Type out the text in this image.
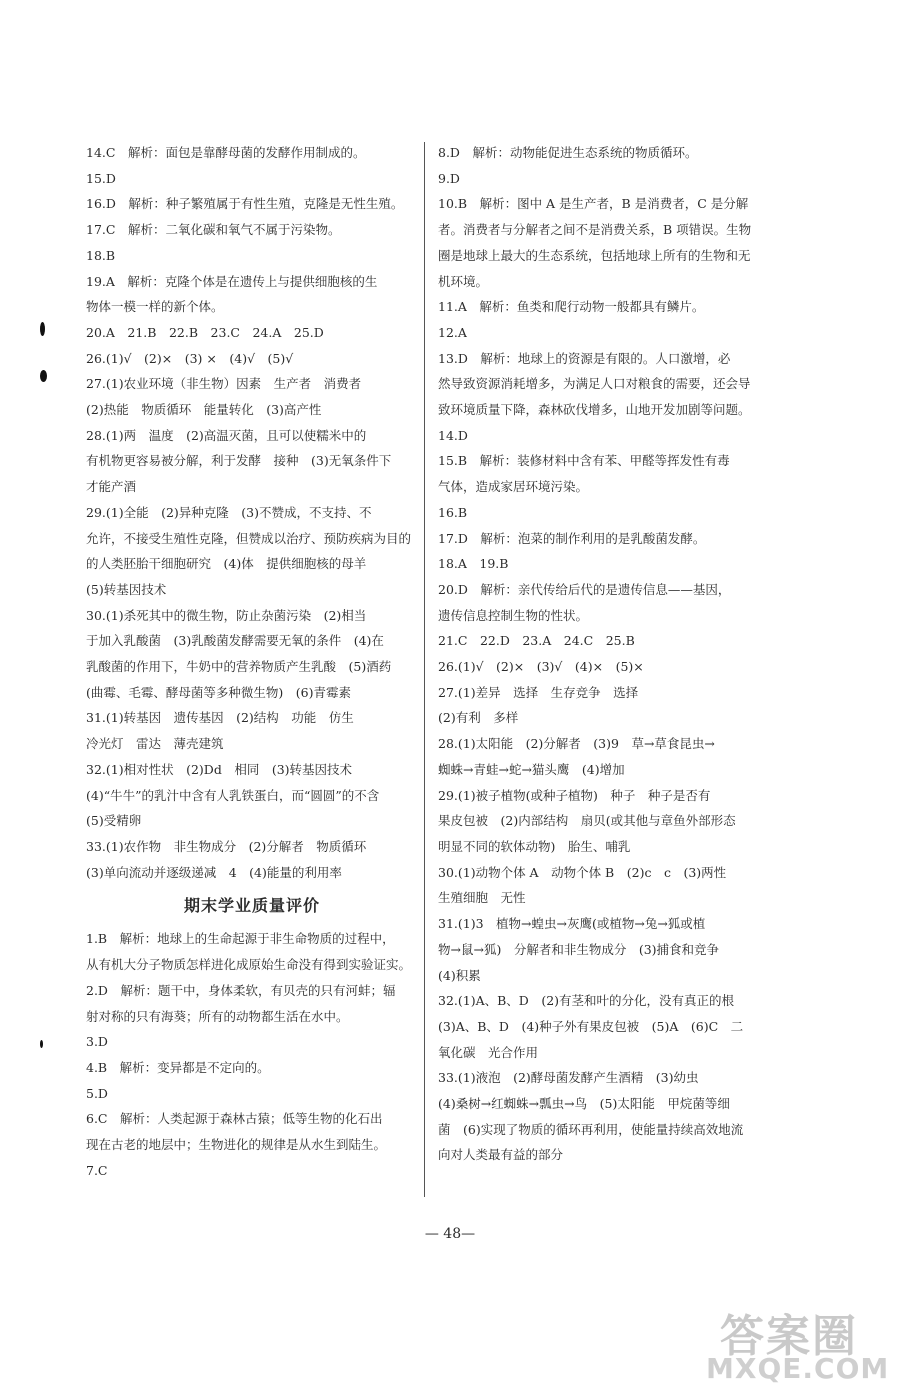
14.C　解析：面包是靠酵母菌的发酵作用制成的。
15.D
16.D　解析：种子繁殖属于有性生殖，克隆是无性生殖。
17.C　解析：二氧化碳和氧气不属于污染物。
18.B
19.A　解析：克隆个体是在遗传上与提供细胞核的生
物体一模一样的新个体。
20.A　21.B　22.B　23.C　24.A　25.D
26.(1)√　(2)×　(3) ×　(4)√　(5)√
27.(1)农业环境（非生物）因素　生产者　消费者
(2)热能　物质循环　能量转化　(3)高产性
28.(1)两　温度　(2)高温灭菌，且可以使糯米中的
有机物更容易被分解，利于发酵　接种　(3)无氧条件下
才能产酒
29.(1)全能　(2)异种克隆　(3)不赞成，不支持、不
允许，不接受生殖性克隆，但赞成以治疗、预防疾病为目的
的人类胚胎干细胞研究　(4)体　提供细胞核的母羊
(5)转基因技术
30.(1)杀死其中的微生物，防止杂菌污染　(2)相当
于加入乳酸菌　(3)乳酸菌发酵需要无氧的条件　(4)在
乳酸菌的作用下，牛奶中的营养物质产生乳酸　(5)酒药
(曲霉、毛霉、酵母菌等多种微生物)　(6)青霉素
31.(1)转基因　遗传基因　(2)结构　功能　仿生
冷光灯　雷达　薄壳建筑
32.(1)相对性状　(2)Dd　相同　(3)转基因技术
(4)“牛牛”的乳汁中含有人乳铁蛋白，而“圆圆”的不含
(5)受精卵
33.(1)农作物　非生物成分　(2)分解者　物质循环
(3)单向流动并逐级递减　4　(4)能量的利用率
期末学业质量评价
1.B　解析：地球上的生命起源于非生命物质的过程中，
从有机大分子物质怎样进化成原始生命没有得到实验证实。
2.D　解析：题干中，身体柔软，有贝壳的只有河蚌；辐
射对称的只有海葵；所有的动物都生活在水中。
3.D
4.B　解析：变异都是不定向的。
5.D
6.C　解析：人类起源于森林古猿；低等生物的化石出
现在古老的地层中；生物进化的规律是从水生到陆生。
7.C
8.D　解析：动物能促进生态系统的物质循环。
9.D
10.B　解析：图中 A 是生产者，B 是消费者，C 是分解
者。消费者与分解者之间不是消费关系，B 项错误。生物
圈是地球上最大的生态系统，包括地球上所有的生物和无
机环境。
11.A　解析：鱼类和爬行动物一般都具有鳞片。
12.A
13.D　解析：地球上的资源是有限的。人口激增，必
然导致资源消耗增多，为满足人口对粮食的需要，还会导
致环境质量下降，森林砍伐增多，山地开发加剧等问题。
14.D
15.B　解析：装修材料中含有苯、甲醛等挥发性有毒
气体，造成家居环境污染。
16.B
17.D　解析：泡菜的制作利用的是乳酸菌发酵。
18.A　19.B
20.D　解析：亲代传给后代的是遗传信息——基因，
遗传信息控制生物的性状。
21.C　22.D　23.A　24.C　25.B
26.(1)√　(2)×　(3)√　(4)×　(5)×
27.(1)差异　选择　生存竞争　选择
(2)有利　多样
28.(1)太阳能　(2)分解者　(3)9　草→草食昆虫→
蜘蛛→青蛙→蛇→猫头鹰　(4)增加
29.(1)被子植物(或种子植物)　种子　种子是否有
果皮包被　(2)内部结构　扇贝(或其他与章鱼外部形态
明显不同的软体动物)　胎生、哺乳
30.(1)动物个体 A　动物个体 B　(2)c　c　(3)两性
生殖细胞　无性
31.(1)3　植物→蝗虫→灰鹰(或植物→兔→狐或植
物→鼠→狐)　分解者和非生物成分　(3)捕食和竞争
(4)积累
32.(1)A、B、D　(2)有茎和叶的分化，没有真正的根
(3)A、B、D　(4)种子外有果皮包被　(5)A　(6)C　二
氧化碳　光合作用
33.(1)液泡　(2)酵母菌发酵产生酒精　(3)幼虫
(4)桑树→红蜘蛛→瓢虫→鸟　(5)太阳能　甲烷菌等细
菌　(6)实现了物质的循环再利用，使能量持续高效地流
向对人类最有益的部分
— 48—
答案圈
MXQE.COM
